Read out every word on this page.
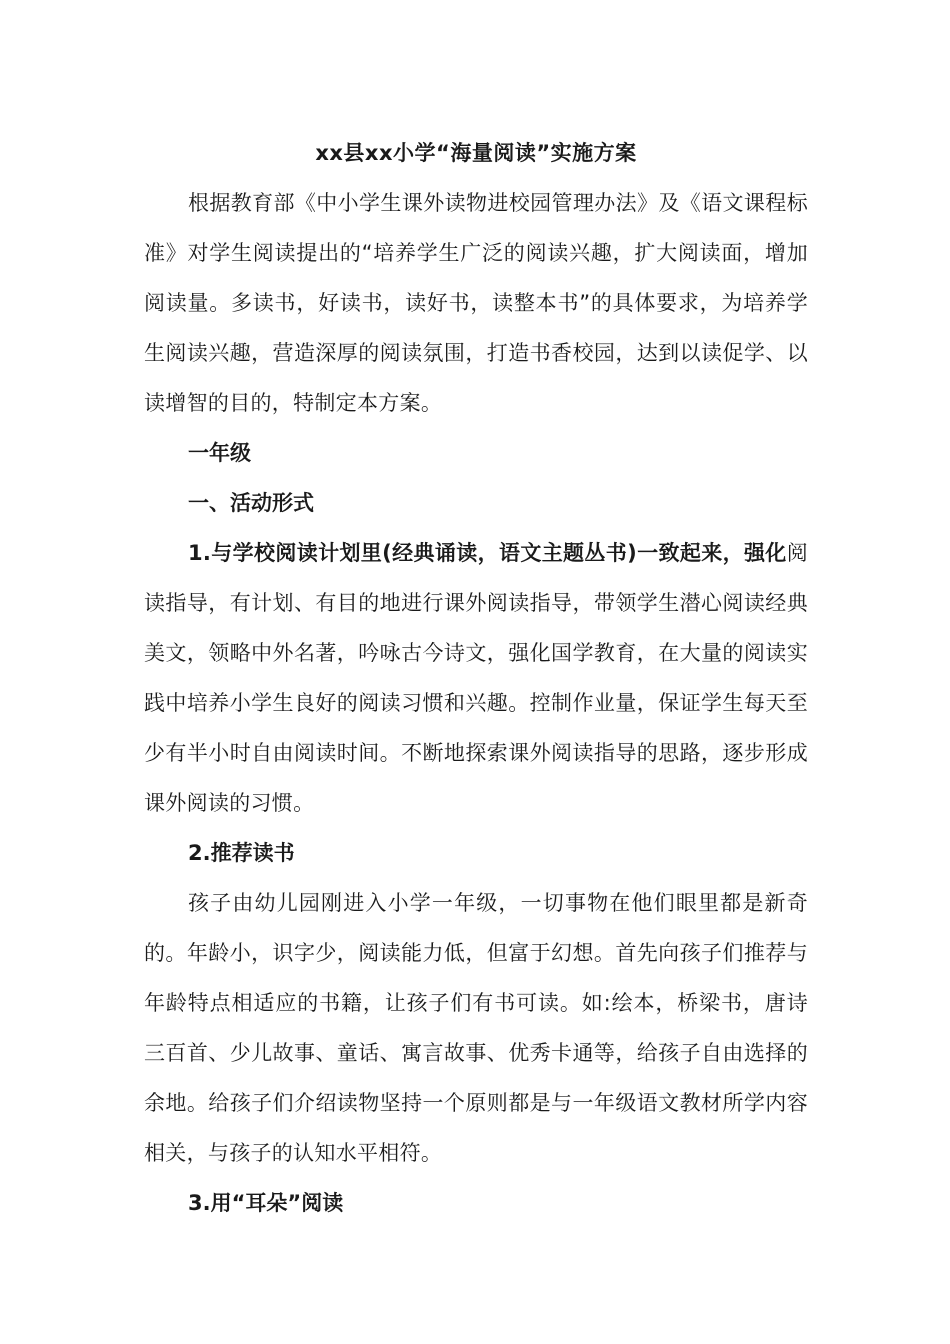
xx县xx小学“海量阅读”实施方案

根据教育部《中小学生课外读物进校园管理办法》及《语文课程标准》对学生阅读提出的“培养学生广泛的阅读兴趣，扩大阅读面，增加阅读量。多读书，好读书，读好书，读整本书”的具体要求，为培养学生阅读兴趣，营造深厚的阅读氛围，打造书香校园，达到以读促学、以读增智的目的，特制定本方案。

一年级

一、活动形式

1.与学校阅读计划里(经典诵读，语文主题丛书)一致起来，强化阅读指导，有计划、有目的地进行课外阅读指导，带领学生潜心阅读经典美文，领略中外名著，吟咏古今诗文，强化国学教育，在大量的阅读实践中培养小学生良好的阅读习惯和兴趣。控制作业量，保证学生每天至少有半小时自由阅读时间。不断地探索课外阅读指导的思路，逐步形成课外阅读的习惯。

2.推荐读书

孩子由幼儿园刚进入小学一年级，一切事物在他们眼里都是新奇的。年龄小，识字少，阅读能力低，但富于幻想。首先向孩子们推荐与年龄特点相适应的书籍，让孩子们有书可读。如:绘本，桥梁书，唐诗三百首、少儿故事、童话、寓言故事、优秀卡通等，给孩子自由选择的余地。给孩子们介绍读物坚持一个原则都是与一年级语文教材所学内容相关，与孩子的认知水平相符。

3.用“耳朵”阅读
